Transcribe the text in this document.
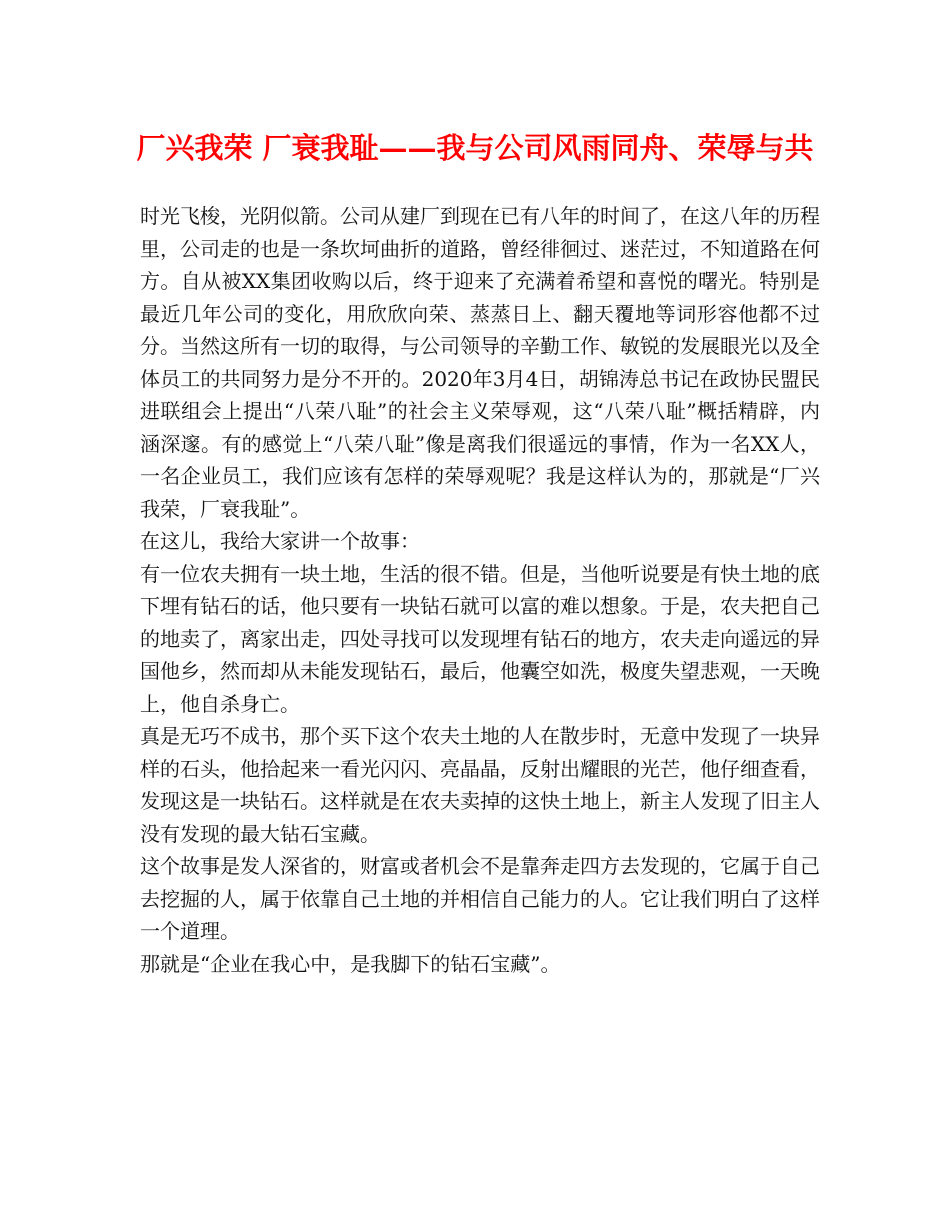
厂兴我荣 厂衰我耻——我与公司风雨同舟、荣辱与共

时光飞梭，光阴似箭。公司从建厂到现在已有八年的时间了，在这八年的历程里，公司走的也是一条坎坷曲折的道路，曾经徘徊过、迷茫过，不知道路在何方。自从被XX集团收购以后，终于迎来了充满着希望和喜悦的曙光。特别是最近几年公司的变化，用欣欣向荣、蒸蒸日上、翻天覆地等词形容他都不过分。当然这所有一切的取得，与公司领导的辛勤工作、敏锐的发展眼光以及全体员工的共同努力是分不开的。2020年3月4日，胡锦涛总书记在政协民盟民进联组会上提出“八荣八耻”的社会主义荣辱观，这“八荣八耻”概括精辟，内涵深邃。有的感觉上“八荣八耻”像是离我们很遥远的事情，作为一名XX人，一名企业员工，我们应该有怎样的荣辱观呢？我是这样认为的，那就是“厂兴我荣，厂衰我耻”。

在这儿，我给大家讲一个故事：

有一位农夫拥有一块土地，生活的很不错。但是，当他听说要是有快土地的底下埋有钻石的话，他只要有一块钻石就可以富的难以想象。于是，农夫把自己的地卖了，离家出走，四处寻找可以发现埋有钻石的地方，农夫走向遥远的异国他乡，然而却从未能发现钻石，最后，他囊空如洗，极度失望悲观，一天晚上，他自杀身亡。

真是无巧不成书，那个买下这个农夫土地的人在散步时，无意中发现了一块异样的石头，他拾起来一看光闪闪、亮晶晶，反射出耀眼的光芒，他仔细查看，发现这是一块钻石。这样就是在农夫卖掉的这快土地上，新主人发现了旧主人没有发现的最大钻石宝藏。

这个故事是发人深省的，财富或者机会不是靠奔走四方去发现的，它属于自己去挖掘的人，属于依靠自己土地的并相信自己能力的人。它让我们明白了这样一个道理。

那就是“企业在我心中，是我脚下的钻石宝藏”。
